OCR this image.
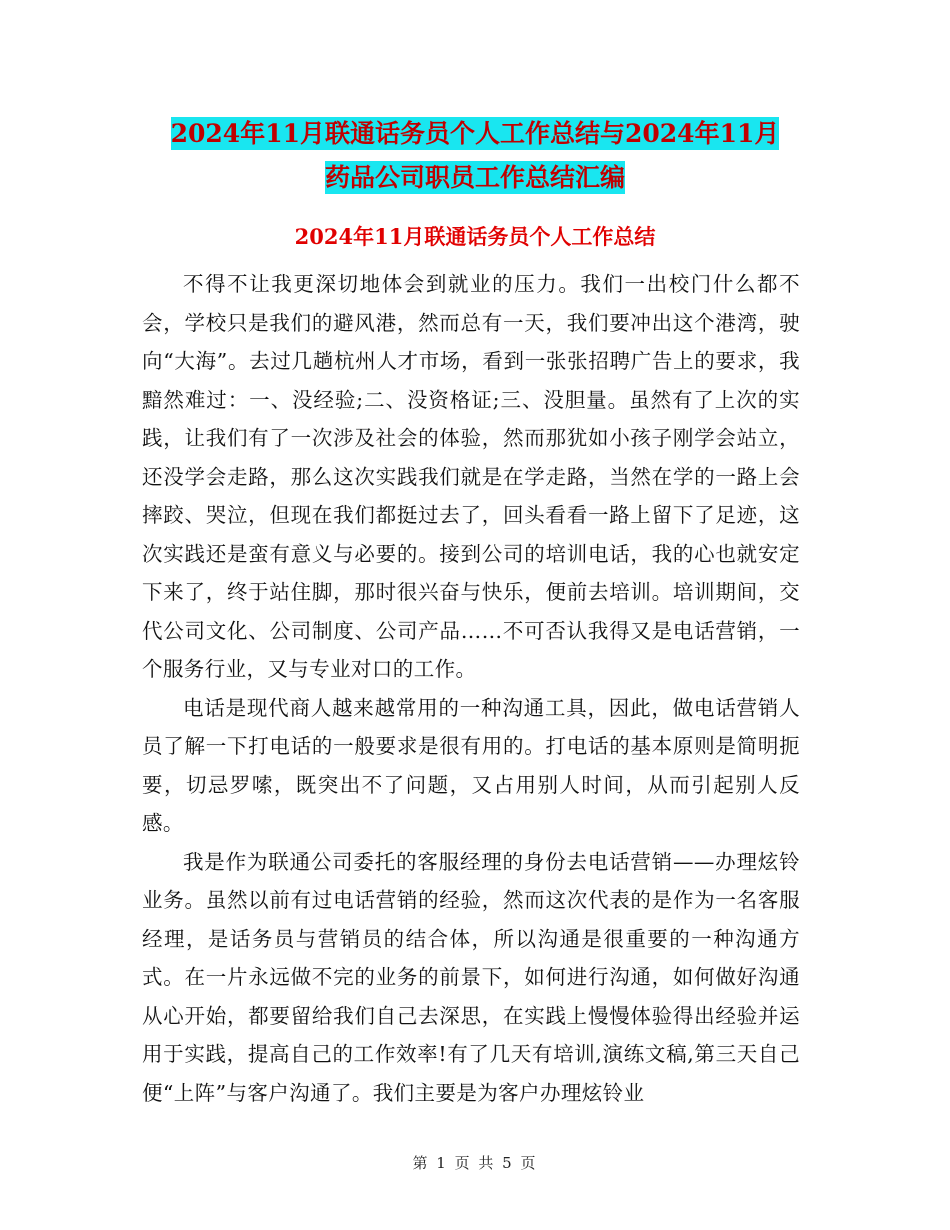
2024年11月联通话务员个人工作总结与2024年11月
药品公司职员工作总结汇编
2024年11月联通话务员个人工作总结

不得不让我更深切地体会到就业的压力。我们一出校门什么都不会，学校只是我们的避风港，然而总有一天，我们要冲出这个港湾，驶向“大海”。去过几趟杭州人才市场，看到一张张招聘广告上的要求，我黯然难过：一、没经验;二、没资格证;三、没胆量。虽然有了上次的实践，让我们有了一次涉及社会的体验，然而那犹如小孩子刚学会站立，还没学会走路，那么这次实践我们就是在学走路，当然在学的一路上会摔跤、哭泣，但现在我们都挺过去了，回头看看一路上留下了足迹，这次实践还是蛮有意义与必要的。接到公司的培训电话，我的心也就安定下来了，终于站住脚，那时很兴奋与快乐，便前去培训。培训期间，交代公司文化、公司制度、公司产品……不可否认我得又是电话营销，一个服务行业，又与专业对口的工作。

电话是现代商人越来越常用的一种沟通工具，因此，做电话营销人员了解一下打电话的一般要求是很有用的。打电话的基本原则是简明扼要，切忌罗嗦，既突出不了问题，又占用别人时间，从而引起别人反感。

我是作为联通公司委托的客服经理的身份去电话营销——办理炫铃业务。虽然以前有过电话营销的经验，然而这次代表的是作为一名客服经理，是话务员与营销员的结合体，所以沟通是很重要的一种沟通方式。在一片永远做不完的业务的前景下，如何进行沟通，如何做好沟通从心开始，都要留给我们自己去深思，在实践上慢慢体验得出经验并运用于实践，提高自己的工作效率!有了几天有培训,演练文稿,第三天自己便“上阵”与客户沟通了。我们主要是为客户办理炫铃业

第 1 页 共 5 页
